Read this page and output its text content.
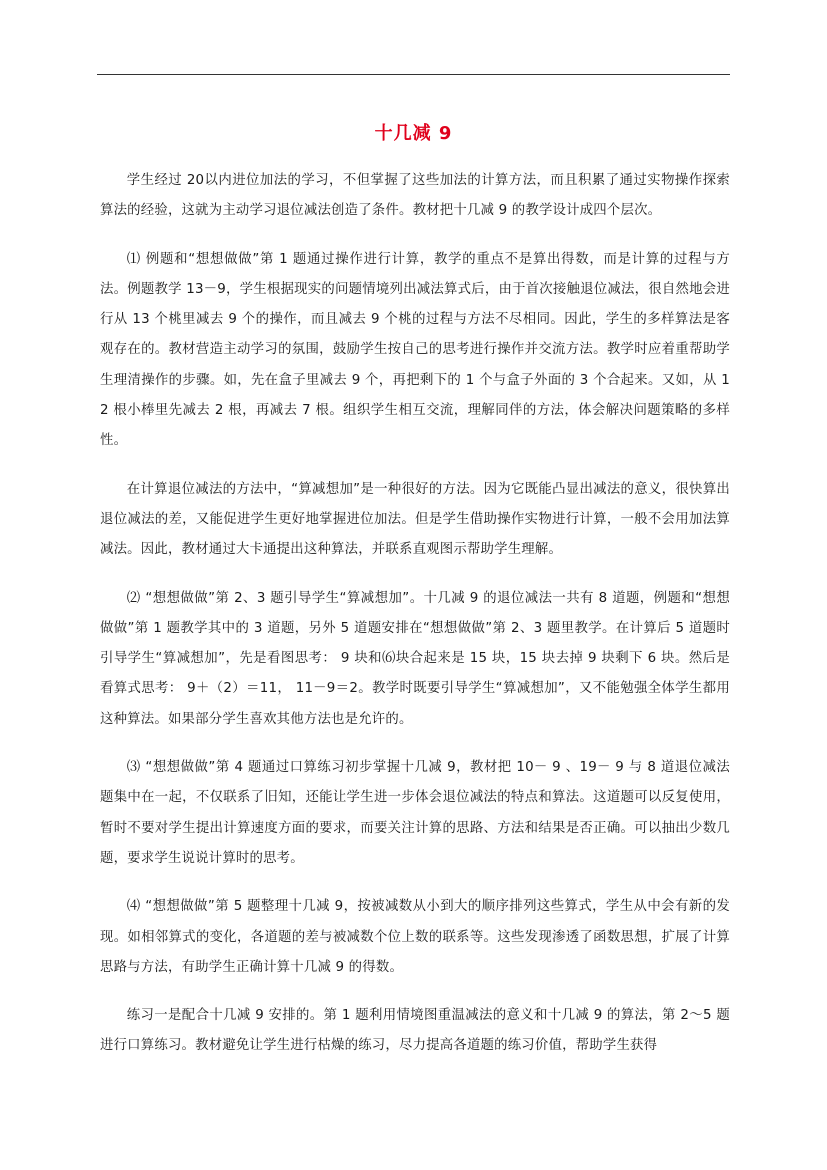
十几减 9

学生经过 20以内进位加法的学习，不但掌握了这些加法的计算方法，而且积累了通过实物操作探索算法的经验，这就为主动学习退位减法创造了条件。教材把十几减 9 的教学设计成四个层次。

⑴ 例题和“想想做做”第 1 题通过操作进行计算，教学的重点不是算出得数，而是计算的过程与方法。例题教学 13－9，学生根据现实的问题情境列出减法算式后，由于首次接触退位减法，很自然地会进行从 13 个桃里减去 9 个的操作，而且减去 9 个桃的过程与方法不尽相同。因此，学生的多样算法是客观存在的。教材营造主动学习的氛围，鼓励学生按自己的思考进行操作并交流方法。教学时应着重帮助学生理清操作的步骤。如，先在盒子里减去 9 个，再把剩下的 1 个与盒子外面的 3 个合起来。又如，从 12 根小棒里先减去 2 根，再减去 7 根。组织学生相互交流，理解同伴的方法，体会解决问题策略的多样性。

在计算退位减法的方法中，“算减想加”是一种很好的方法。因为它既能凸显出减法的意义，很快算出退位减法的差，又能促进学生更好地掌握进位加法。但是学生借助操作实物进行计算，一般不会用加法算减法。因此，教材通过大卡通提出这种算法，并联系直观图示帮助学生理解。

⑵ “想想做做”第 2、3 题引导学生“算减想加”。十几减 9 的退位减法一共有 8 道题，例题和“想想做做”第 1 题教学其中的 3 道题，另外 5 道题安排在“想想做做”第 2、3 题里教学。在计算后 5 道题时引导学生“算减想加”，先是看图思考： 9 块和⑹块合起来是 15 块，15 块去掉 9 块剩下 6 块。然后是看算式思考： 9＋（2）＝11， 11－9＝2。教学时既要引导学生“算减想加”，又不能勉强全体学生都用这种算法。如果部分学生喜欢其他方法也是允许的。

⑶ “想想做做”第 4 题通过口算练习初步掌握十几减 9，教材把 10－ 9 、19－ 9 与 8 道退位减法题集中在一起，不仅联系了旧知，还能让学生进一步体会退位减法的特点和算法。这道题可以反复使用，暂时不要对学生提出计算速度方面的要求，而要关注计算的思路、方法和结果是否正确。可以抽出少数几题，要求学生说说计算时的思考。

⑷ “想想做做”第 5 题整理十几减 9，按被减数从小到大的顺序排列这些算式，学生从中会有新的发现。如相邻算式的变化，各道题的差与被减数个位上数的联系等。这些发现渗透了函数思想，扩展了计算思路与方法，有助学生正确计算十几减 9 的得数。

练习一是配合十几减 9 安排的。第 1 题利用情境图重温减法的意义和十几减 9 的算法，第 2～5 题进行口算练习。教材避免让学生进行枯燥的练习，尽力提高各道题的练习价值，帮助学生获得
